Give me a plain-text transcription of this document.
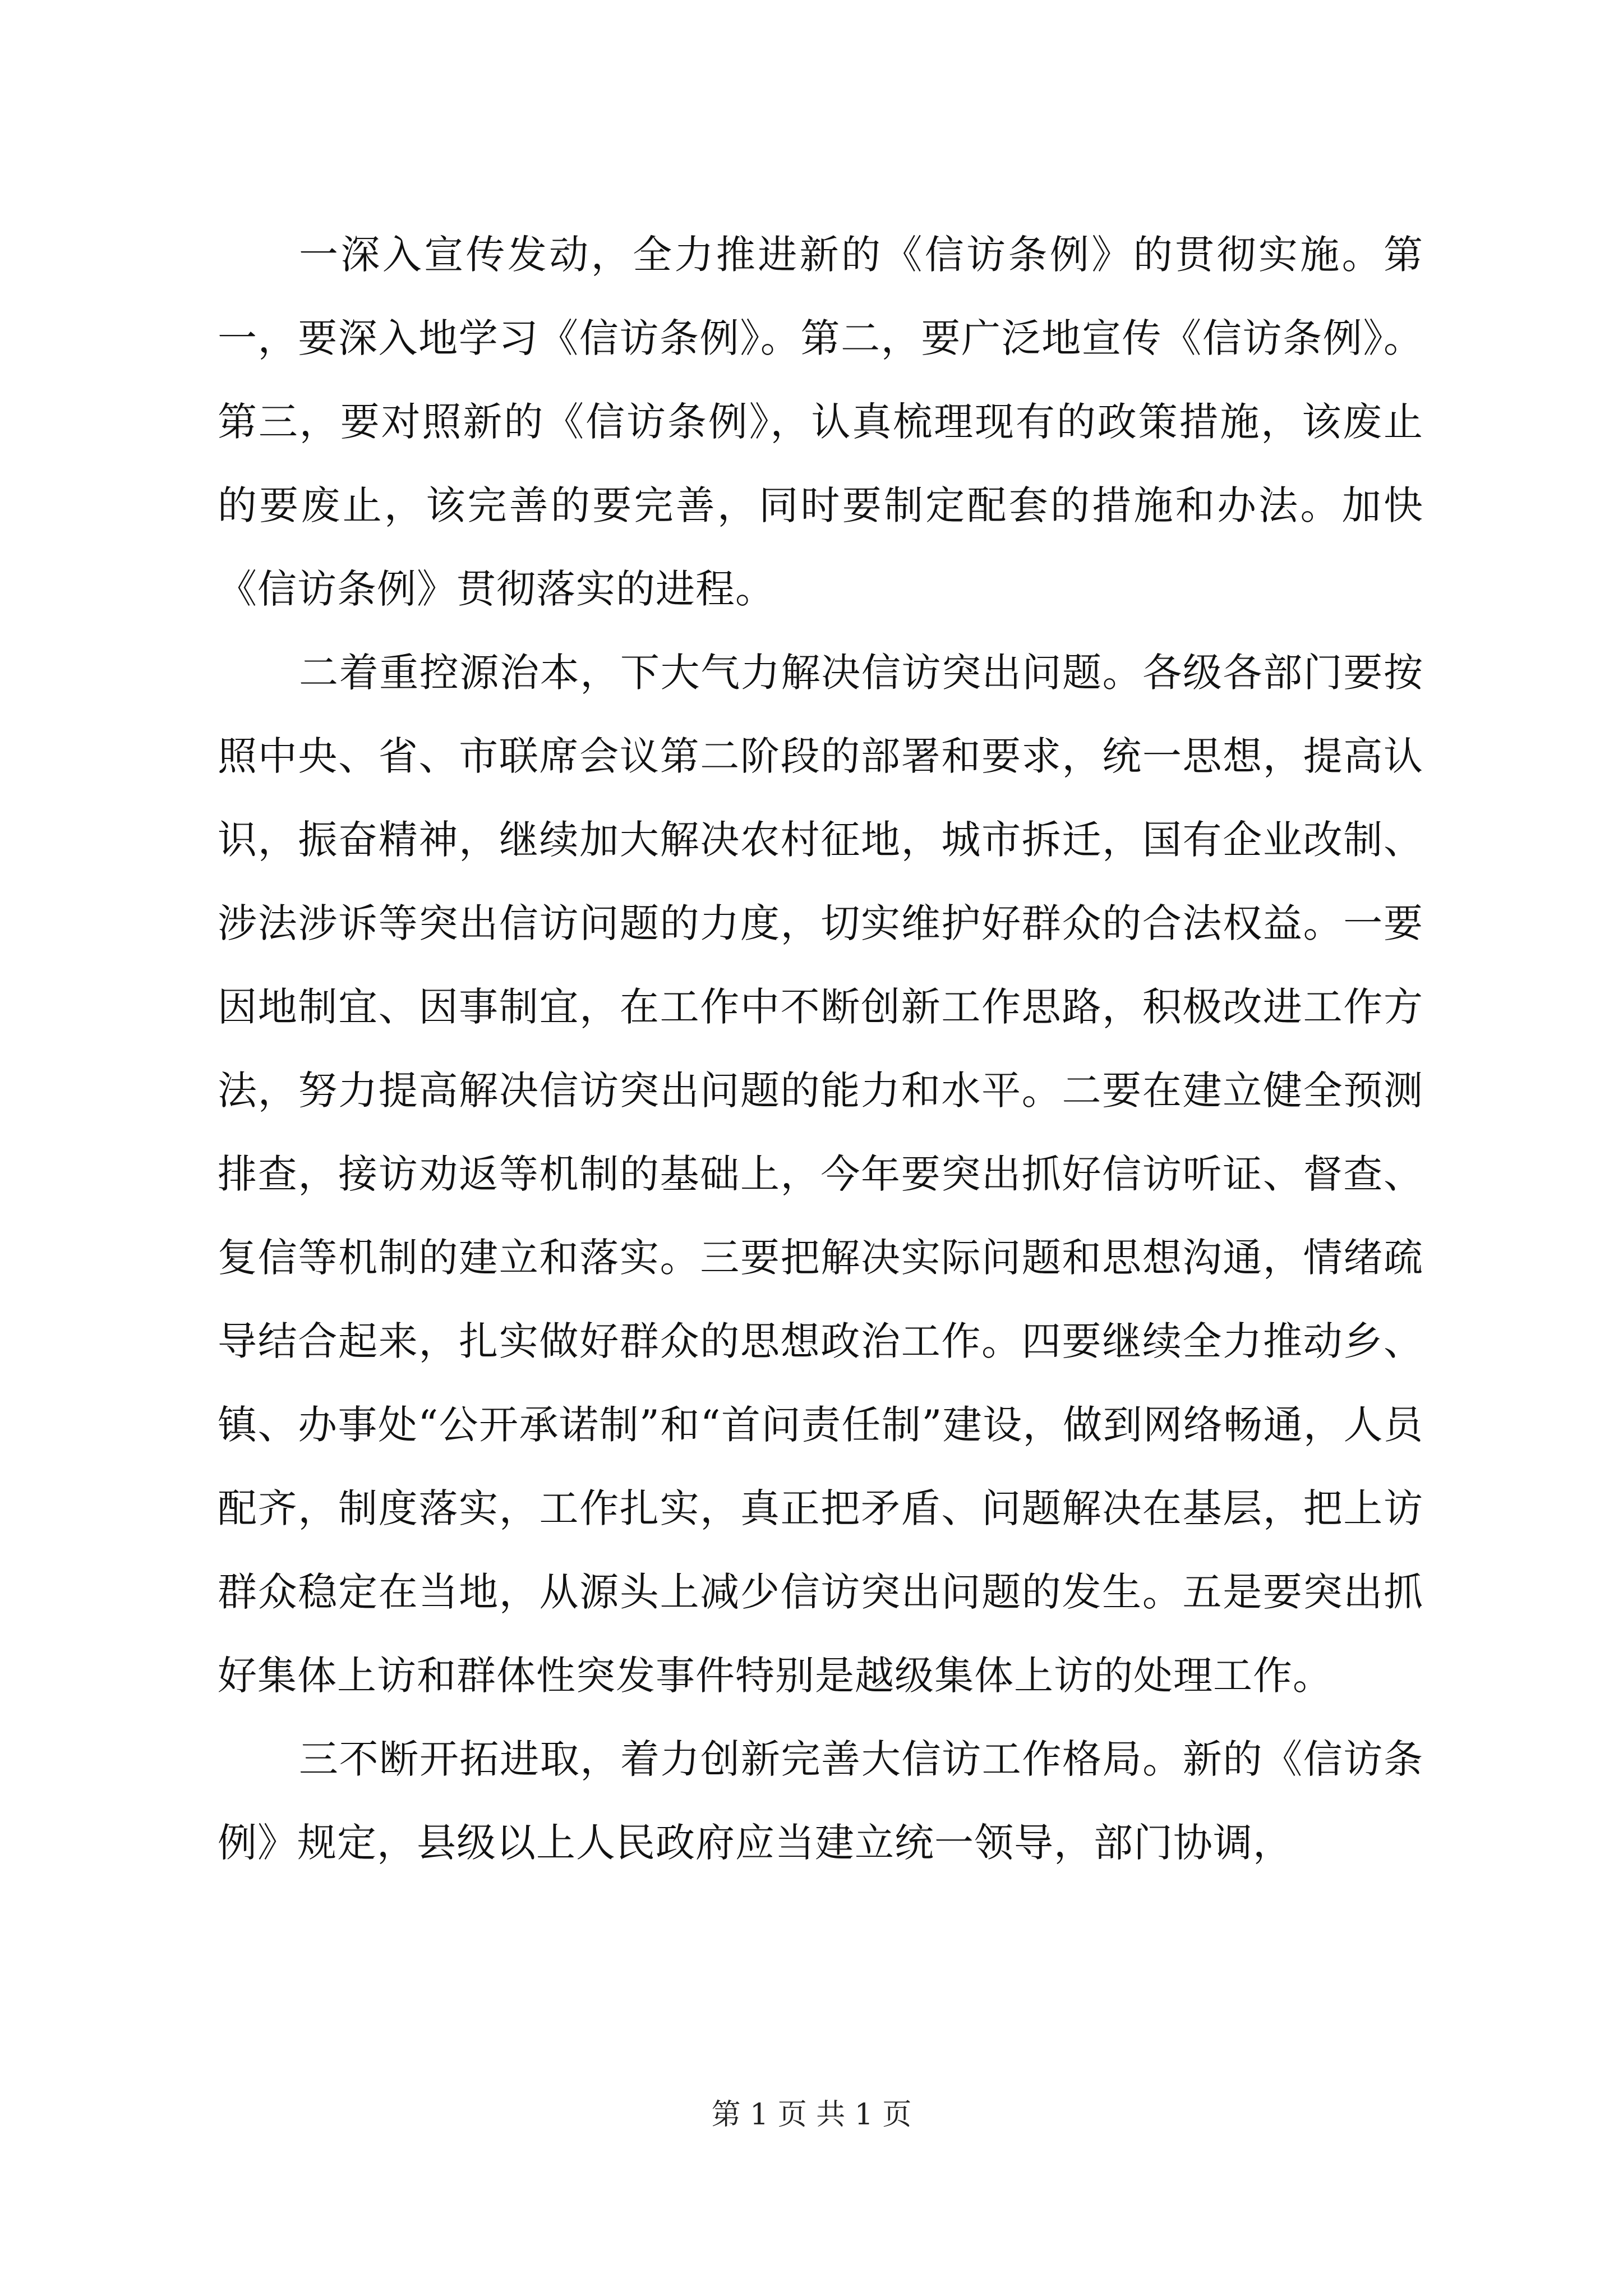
一深入宣传发动，全力推进新的《信访条例》的贯彻实施。第一，要深入地学习《信访条例》。第二，要广泛地宣传《信访条例》。第三，要对照新的《信访条例》，认真梳理现有的政策措施，该废止的要废止，该完善的要完善，同时要制定配套的措施和办法。加快《信访条例》贯彻落实的进程。

二着重控源治本，下大气力解决信访突出问题。各级各部门要按照中央、省、市联席会议第二阶段的部署和要求，统一思想，提高认识，振奋精神，继续加大解决农村征地，城市拆迁，国有企业改制、涉法涉诉等突出信访问题的力度，切实维护好群众的合法权益。一要因地制宜、因事制宜，在工作中不断创新工作思路，积极改进工作方法，努力提高解决信访突出问题的能力和水平。二要在建立健全预测排查，接访劝返等机制的基础上，今年要突出抓好信访听证、督查、复信等机制的建立和落实。三要把解决实际问题和思想沟通，情绪疏导结合起来，扎实做好群众的思想政治工作。四要继续全力推动乡、镇、办事处“公开承诺制”和“首问责任制”建设，做到网络畅通，人员配齐，制度落实，工作扎实，真正把矛盾、问题解决在基层，把上访群众稳定在当地，从源头上减少信访突出问题的发生。五是要突出抓好集体上访和群体性突发事件特别是越级集体上访的处理工作。

三不断开拓进取，着力创新完善大信访工作格局。新的《信访条例》规定，县级以上人民政府应当建立统一领导，部门协调，

第 1 页 共 1 页
